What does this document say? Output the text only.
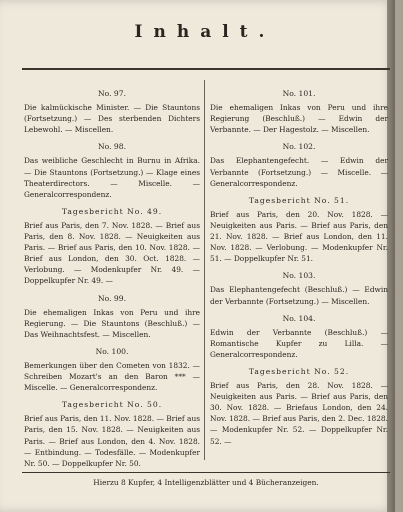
Inhalt.
No. 97.
Die kalmückische Minister. — Die Stauntons (Fortsetzung.) — Des sterbenden Dichters Lebewohl. — Miscellen.
No. 98.
Das weibliche Geschlecht in Burnu in Afrika. — Die Stauntons (Fortsetzung.) — Klage eines Theaterdirectors. — Miscelle. — Generalcorrespondenz.
Tagesbericht No. 49.
Brief aus Paris, den 7. Nov. 1828. — Brief aus Paris, den 8. Nov. 1828. — Neuigkeiten aus Paris. — Brief aus Paris, den 10. Nov. 1828. — Brief aus London, den 30. Oct. 1828. — Verlobung. — Modenkupfer Nr. 49. — Doppelkupfer Nr. 49. —
No. 99.
Die ehemaligen Inkas von Peru und ihre Regierung. — Die Stauntons (Beschluß.) — Das Weihnachtsfest. — Miscellen.
No. 100.
Bemerkungen über den Cometen von 1832. — Schreiben Mozart's an den Baron *** — Miscelle. — Generalcorrespondenz.
Tagesbericht No. 50.
Brief aus Paris, den 11. Nov. 1828. — Brief aus Paris, den 15. Nov. 1828. — Neuigkeiten aus Paris. — Brief aus London, den 4. Nov. 1828. — Entbindung. — Todesfälle. — Modenkupfer Nr. 50. — Doppelkupfer Nr. 50.
No. 101.
Die ehemaligen Inkas von Peru und ihre Regierung (Beschluß.) — Edwin der Verbannte. — Der Hagestolz. — Miscellen.
No. 102.
Das Elephantengefecht. — Edwin der Verbannte (Fortsetzung.) — Miscelle. — Generalcorrespondenz.
Tagesbericht No. 51.
Brief aus Paris, den 20. Nov. 1828. — Neuigkeiten aus Paris. — Brief aus Paris, den 21. Nov. 1828. — Brief aus London, den 11. Nov. 1828. — Verlobung. — Modenkupfer Nr. 51. — Doppelkupfer Nr. 51.
No. 103.
Das Elephantengefecht (Beschluß.) — Edwin der Verbannte (Fortsetzung.) — Miscellen.
No. 104.
Edwin der Verbannte (Beschluß.) — Romantische Kupfer zu Lilla. — Generalcorrespondenz.
Tagesbericht No. 52.
Brief aus Paris, den 28. Nov. 1828. — Neuigkeiten aus Paris. — Brief aus Paris, den 30. Nov. 1828. — Briefaus London, den 24. Nov. 1828. — Brief aus Paris, den 2. Dec. 1828. — Modenkupfer Nr. 52. — Doppelkupfer Nr. 52. —
Hierzu 8 Kupfer, 4 Intelligenzblätter und 4 Bücheranzeigen.
